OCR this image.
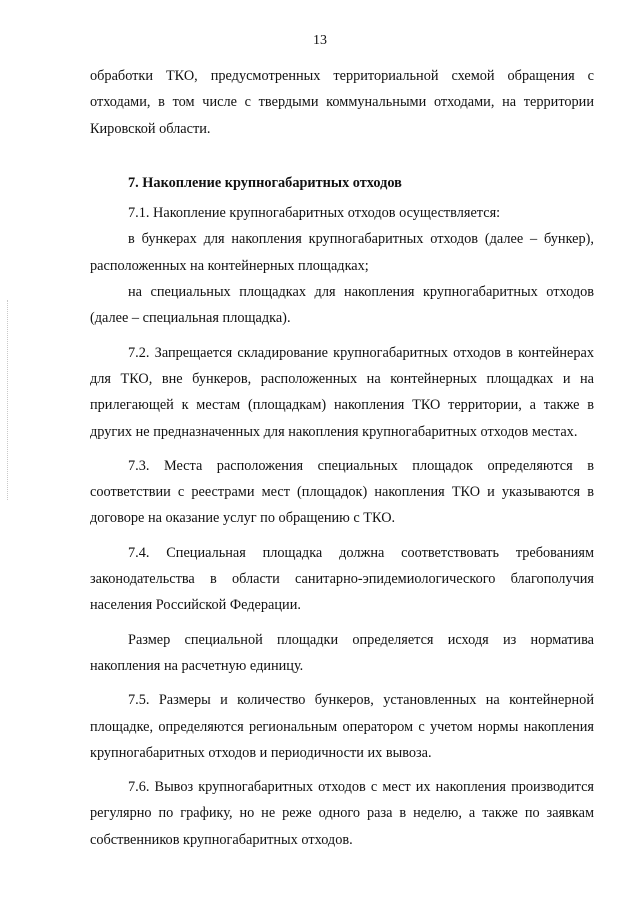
13

обработки ТКО, предусмотренных территориальной схемой обращения с отходами, в том числе с твердыми коммунальными отходами, на территории Кировской области.

7. Накопление крупногабаритных отходов

7.1. Накопление крупногабаритных отходов осуществляется:

в бункерах для накопления крупногабаритных отходов (далее – бункер), расположенных на контейнерных площадках;

на специальных площадках для накопления крупногабаритных отходов (далее – специальная площадка).

7.2. Запрещается складирование крупногабаритных отходов в контейнерах для ТКО, вне бункеров, расположенных на контейнерных площадках и на прилегающей к местам (площадкам) накопления ТКО территории, а также в других не предназначенных для накопления крупногабаритных отходов местах.

7.3. Места расположения специальных площадок определяются в соответствии с реестрами мест (площадок) накопления ТКО и указываются в договоре на оказание услуг по обращению с ТКО.

7.4. Специальная площадка должна соответствовать требованиям законодательства в области санитарно-эпидемиологического благополучия населения Российской Федерации.

Размер специальной площадки определяется исходя из норматива накопления на расчетную единицу.

7.5. Размеры и количество бункеров, установленных на контейнерной площадке, определяются региональным оператором с учетом нормы накопления крупногабаритных отходов и периодичности их вывоза.

7.6. Вывоз крупногабаритных отходов с мест их накопления производится регулярно по графику, но не реже одного раза в неделю, а также по заявкам собственников крупногабаритных отходов.
